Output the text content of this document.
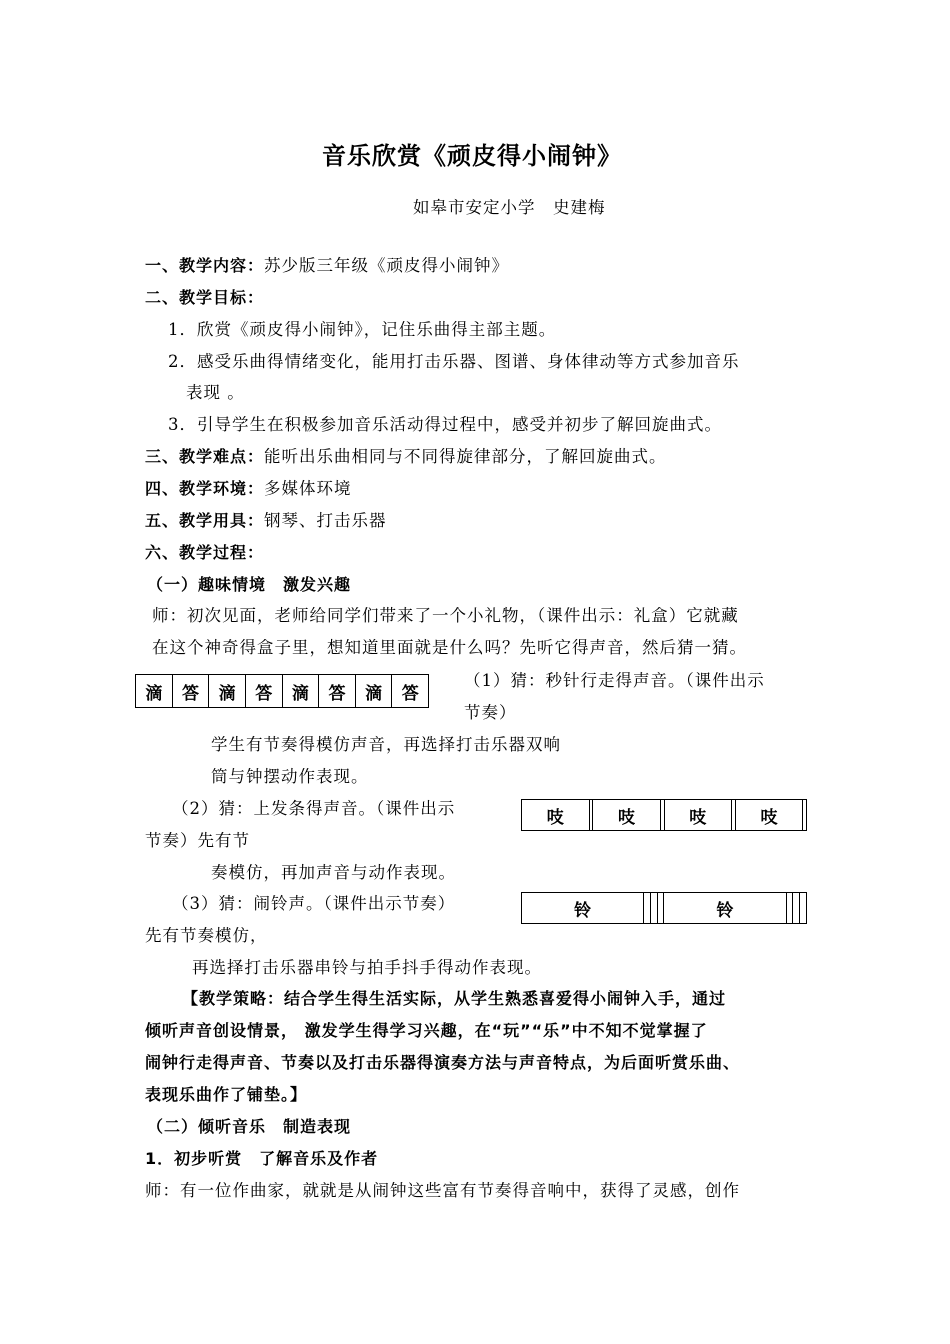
音乐欣赏《顽皮得小闹钟》
如皋市安定小学　史建梅
一、教学内容：苏少版三年级《顽皮得小闹钟》
二、教学目标：
1．欣赏《顽皮得小闹钟》，记住乐曲得主部主题。
2．感受乐曲得情绪变化，能用打击乐器、图谱、身体律动等方式参加音乐
表现 。
3．引导学生在积极参加音乐活动得过程中，感受并初步了解回旋曲式。
三、教学难点：能听出乐曲相同与不同得旋律部分，了解回旋曲式。
四、教学环境：多媒体环境
五、教学用具：钢琴、打击乐器
六、教学过程：
（一）趣味情境　激发兴趣
师：初次见面，老师给同学们带来了一个小礼物，（课件出示：礼盒）它就藏
在这个神奇得盒子里，想知道里面就是什么吗？先听它得声音，然后猜一猜。
滴	答	滴	答	滴	答	滴	答
（1）猜：秒针行走得声音。（课件出示
节奏）
学生有节奏得模仿声音，再选择打击乐器双响
筒与钟摆动作表现。
（2）猜：上发条得声音。（课件出示
节奏）先有节
奏模仿，再加声音与动作表现。
吱		吱		吱		吱	
（3）猜：闹铃声。（课件出示节奏）
先有节奏模仿，
再选择打击乐器串铃与拍手抖手得动作表现。
铃				铃			
【教学策略：结合学生得生活实际，从学生熟悉喜爱得小闹钟入手，通过
倾听声音创设情景， 激发学生得学习兴趣，在“玩”“乐”中不知不觉掌握了
闹钟行走得声音、节奏以及打击乐器得演奏方法与声音特点，为后面听赏乐曲、
表现乐曲作了铺垫。】
（二）倾听音乐　制造表现
1．初步听赏　了解音乐及作者
师：有一位作曲家，就就是从闹钟这些富有节奏得音响中，获得了灵感，创作
